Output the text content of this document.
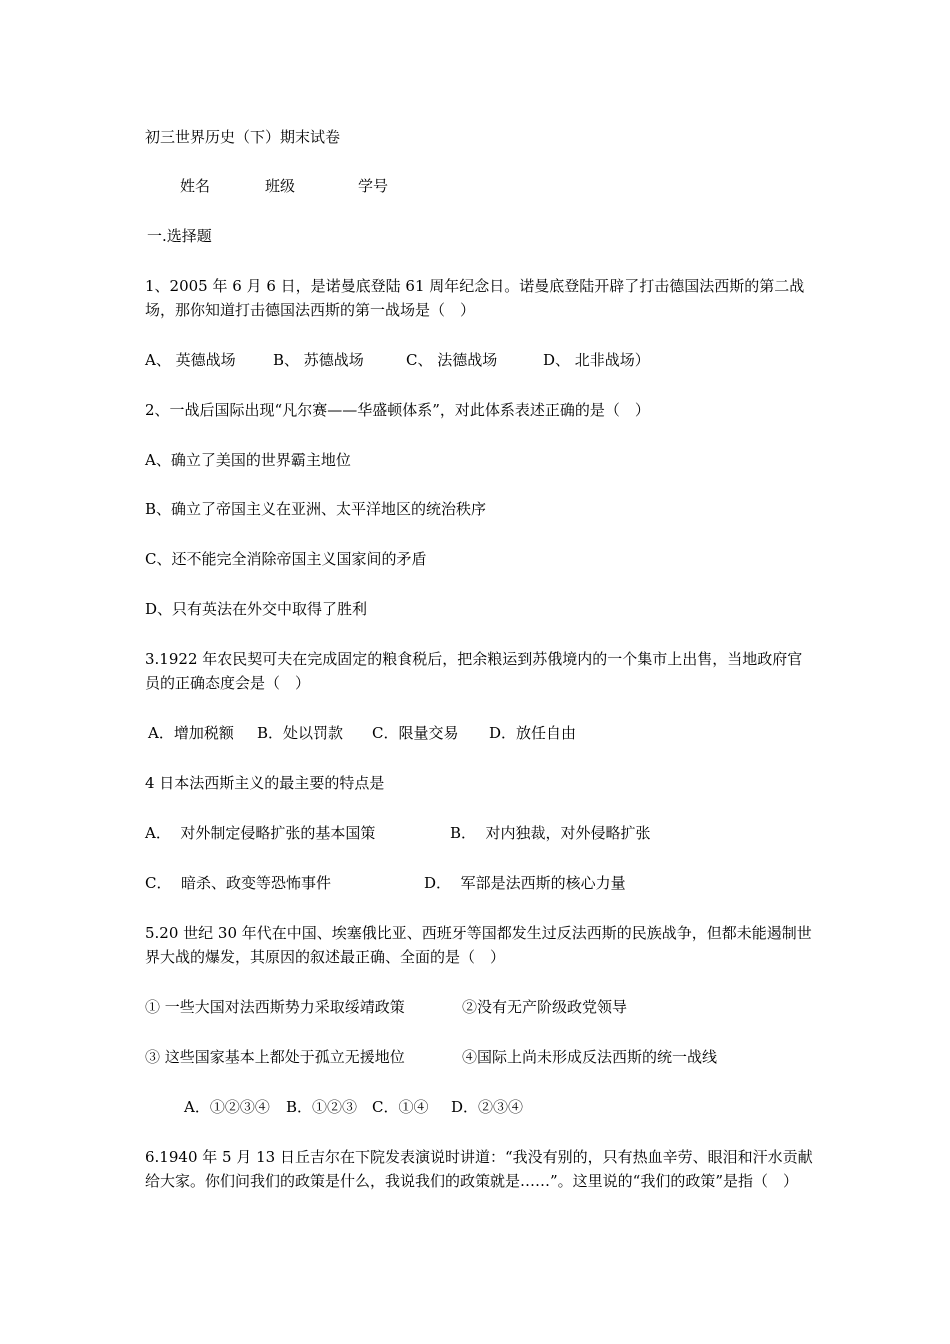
初三世界历史（下）期末试卷
姓名	班级	学号
一.选择题
1、2005 年 6 月 6 日，是诺曼底登陆 61 周年纪念日。诺曼底登陆开辟了打击德国法西斯的第二战场，那你知道打击德国法西斯的第一战场是（　）
A、 英德战场 B、 苏德战场	C、 法德战场	D、 北非战场）
2、一战后国际出现“凡尔赛——华盛顿体系”，对此体系表述正确的是（　）
A、确立了美国的世界霸主地位
B、确立了帝国主义在亚洲、太平洋地区的统治秩序
C、还不能完全消除帝国主义国家间的矛盾
D、只有英法在外交中取得了胜利
3.1922 年农民契可夫在完成固定的粮食税后，把余粮运到苏俄境内的一个集市上出售，当地政府官员的正确态度会是（　）
A．增加税额 B．处以罚款 C．限量交易 D．放任自由
4 日本法西斯主义的最主要的特点是
A．  对外制定侵略扩张的基本国策	B．  对内独裁，对外侵略扩张
C．  暗杀、政变等恐怖事件	D．  军部是法西斯的核心力量
5.20 世纪 30 年代在中国、埃塞俄比亚、西班牙等国都发生过反法西斯的民族战争，但都未能遏制世界大战的爆发，其原因的叙述最正确、全面的是（　）
① 一些大国对法西斯势力采取绥靖政策	②没有无产阶级政党领导
③ 这些国家基本上都处于孤立无援地位	④国际上尚未形成反法西斯的统一战线
A．①②③④ B．①②③ C．①④ D．②③④
6.1940 年 5 月 13 日丘吉尔在下院发表演说时讲道：“我没有别的，只有热血辛劳、眼泪和汗水贡献给大家。你们问我们的政策是什么，我说我们的政策就是……”。这里说的“我们的政策”是指（　）
